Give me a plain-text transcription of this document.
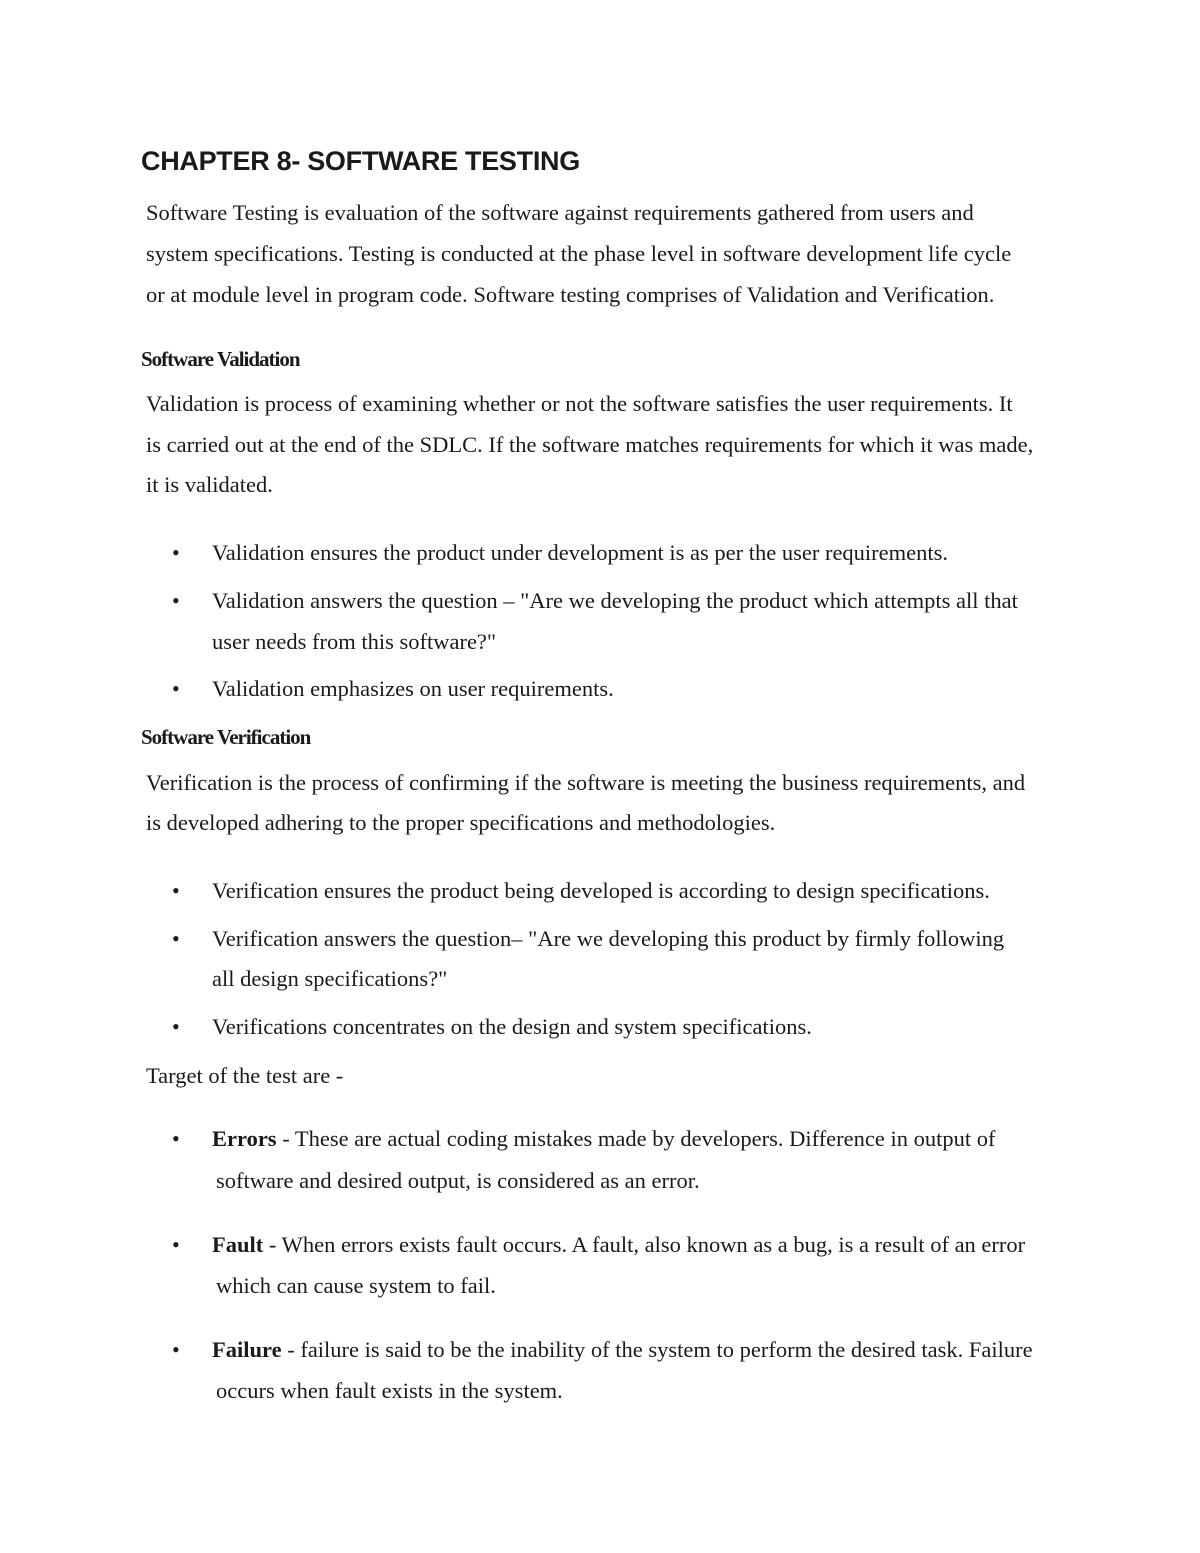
CHAPTER 8- SOFTWARE TESTING

Software Testing is evaluation of the software against requirements gathered from users and

system specifications. Testing is conducted at the phase level in software development life cycle

or at module level in program code. Software testing comprises of Validation and Verification.

Software Validation

Validation is process of examining whether or not the software satisfies the user requirements. It

is carried out at the end of the SDLC. If the software matches requirements for which it was made,

it is validated.

•	Validation ensures the product under development is as per the user requirements.
•	Validation answers the question – "Are we developing the product which attempts all that
user needs from this software?"
•	Validation emphasizes on user requirements.
Software Verification

Verification is the process of confirming if the software is meeting the business requirements, and

is developed adhering to the proper specifications and methodologies.

•	Verification ensures the product being developed is according to design specifications.
•	Verification answers the question– "Are we developing this product by firmly following
all design specifications?"
•	Verifications concentrates on the design and system specifications.

Target of the test are -

•	Errors - These are actual coding mistakes made by developers. Difference in output of
software and desired output, is considered as an error.
•	Fault - When errors exists fault occurs. A fault, also known as a bug, is a result of an error
which can cause system to fail.
•	Failure - failure is said to be the inability of the system to perform the desired task. Failure
occurs when fault exists in the system.
